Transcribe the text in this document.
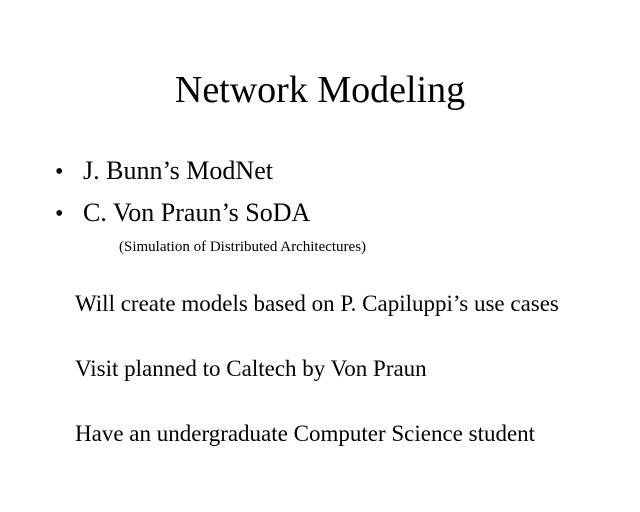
Network Modeling
• J. Bunn’s ModNet
• C. Von Praun’s SoDA
(Simulation of Distributed Architectures)
Will create models based on P. Capiluppi’s use cases
Visit planned to Caltech by Von Praun
Have an undergraduate Computer Science student
